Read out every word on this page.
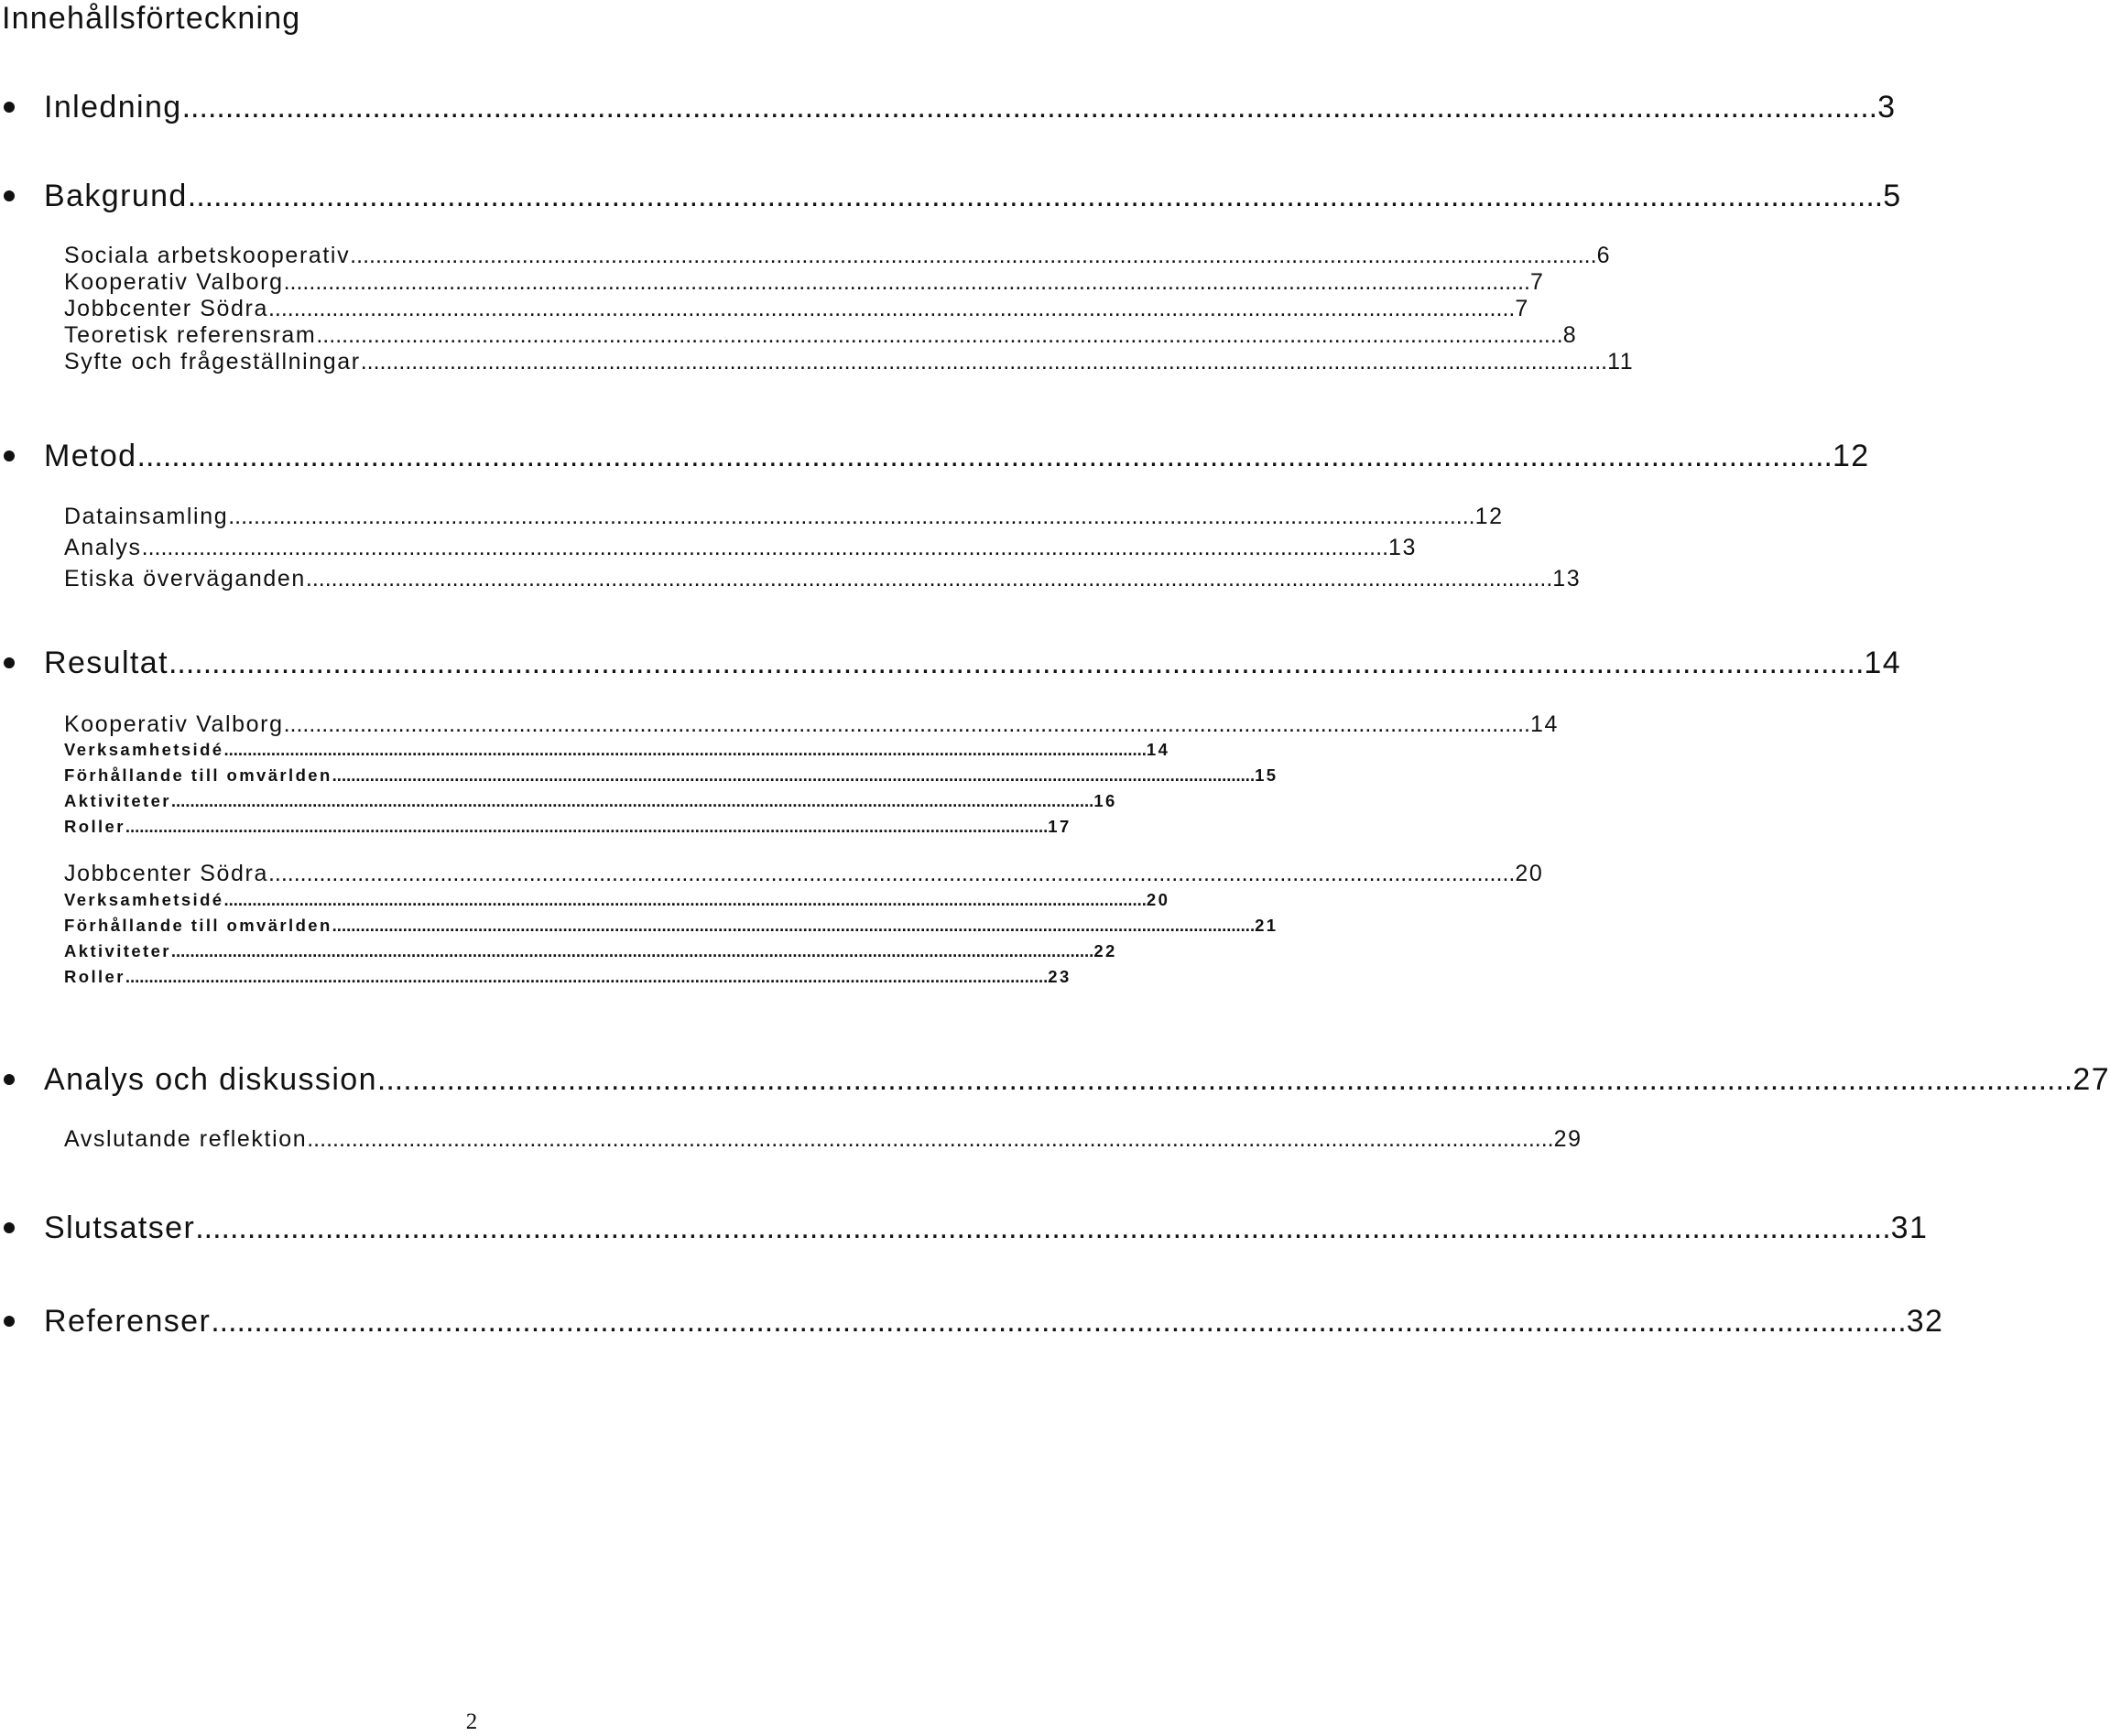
Innehållsförteckning
Inledning .................................................................................................................................................................................................... 3
Bakgrund .................................................................................................................................................................................................... 5
Sociala arbetskooperativ .................................................................................................................................................................................................... 6
Kooperativ Valborg .................................................................................................................................................................................................... 7
Jobbcenter Södra .................................................................................................................................................................................................... 7
Teoretisk referensram .................................................................................................................................................................................................... 8
Syfte och frågeställningar .................................................................................................................................................................................................... 11
Metod .................................................................................................................................................................................................... 12
Datainsamling .................................................................................................................................................................................................... 12
Analys .................................................................................................................................................................................................... 13
Etiska överväganden .................................................................................................................................................................................................... 13
Resultat .................................................................................................................................................................................................... 14
Kooperativ Valborg .................................................................................................................................................................................................... 14
Verksamhetsidé .................................................................................................................................................................................................... 14
Förhållande till omvärlden .................................................................................................................................................................................................... 15
Aktiviteter .................................................................................................................................................................................................... 16
Roller .................................................................................................................................................................................................... 17
Jobbcenter Södra .................................................................................................................................................................................................... 20
Verksamhetsidé .................................................................................................................................................................................................... 20
Förhållande till omvärlden .................................................................................................................................................................................................... 21
Aktiviteter .................................................................................................................................................................................................... 22
Roller .................................................................................................................................................................................................... 23
Analys och diskussion .................................................................................................................................................................................................... 27
Avslutande reflektion .................................................................................................................................................................................................... 29
Slutsatser .................................................................................................................................................................................................... 31
Referenser .................................................................................................................................................................................................... 32
2
